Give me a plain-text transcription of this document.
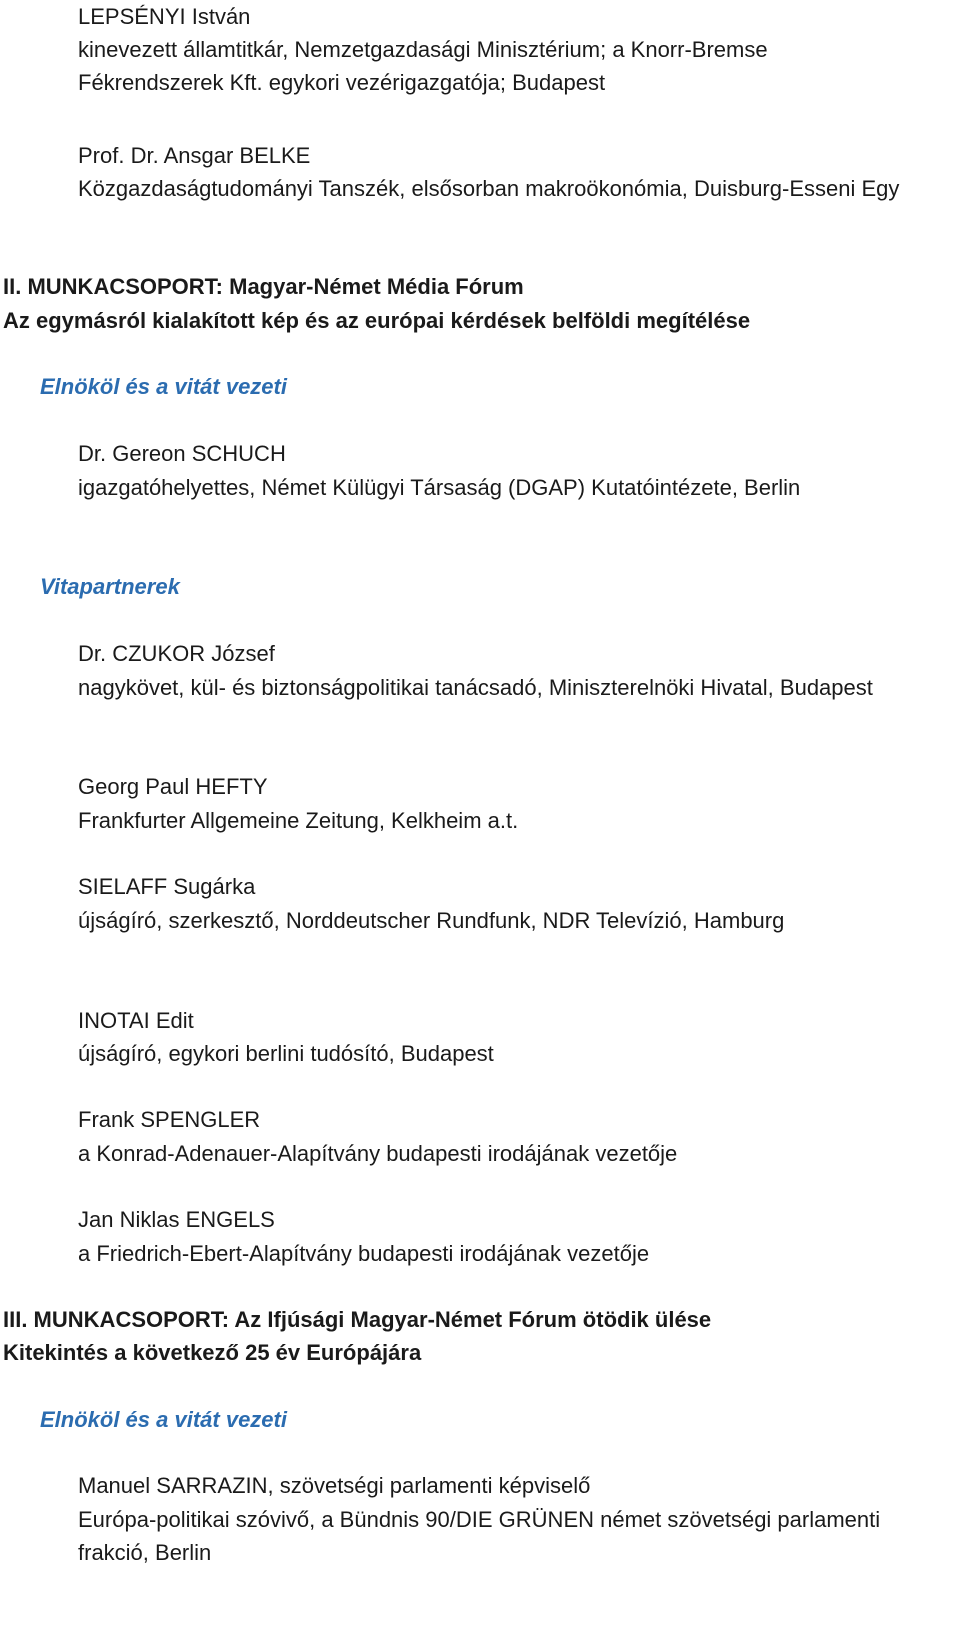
LEPSÉNYI István
kinevezett államtitkár, Nemzetgazdasági Minisztérium; a Knorr-Bremse
Fékrendszerek Kft. egykori vezérigazgatója; Budapest
Prof. Dr. Ansgar BELKE
Közgazdaságtudományi Tanszék, elsősorban makroökonómia, Duisburg-Esseni Egy
II. MUNKACSOPORT: Magyar-Német Média Fórum
Az egymásról kialakított kép és az európai kérdések belföldi megítélése
Elnököl és a vitát vezeti
Dr. Gereon SCHUCH
igazgatóhelyettes, Német Külügyi Társaság (DGAP) Kutatóintézete, Berlin
Vitapartnerek
Dr. CZUKOR József
nagykövet, kül- és biztonságpolitikai tanácsadó, Miniszterelnöki Hivatal, Budapest
Georg Paul HEFTY
Frankfurter Allgemeine Zeitung, Kelkheim a.t.
SIELAFF Sugárka
újságíró, szerkesztő, Norddeutscher Rundfunk, NDR Televízió, Hamburg
INOTAI Edit
újságíró, egykori berlini tudósító, Budapest
Frank SPENGLER
a Konrad-Adenauer-Alapítvány budapesti irodájának vezetője
Jan Niklas ENGELS
a Friedrich-Ebert-Alapítvány budapesti irodájának vezetője
III. MUNKACSOPORT: Az Ifjúsági Magyar-Német Fórum ötödik ülése
Kitekintés a következő 25 év Európájára
Elnököl és a vitát vezeti
Manuel SARRAZIN, szövetségi parlamenti képviselő
Európa-politikai szóvivő, a Bündnis 90/DIE GRÜNEN német szövetségi parlamenti
frakció, Berlin
